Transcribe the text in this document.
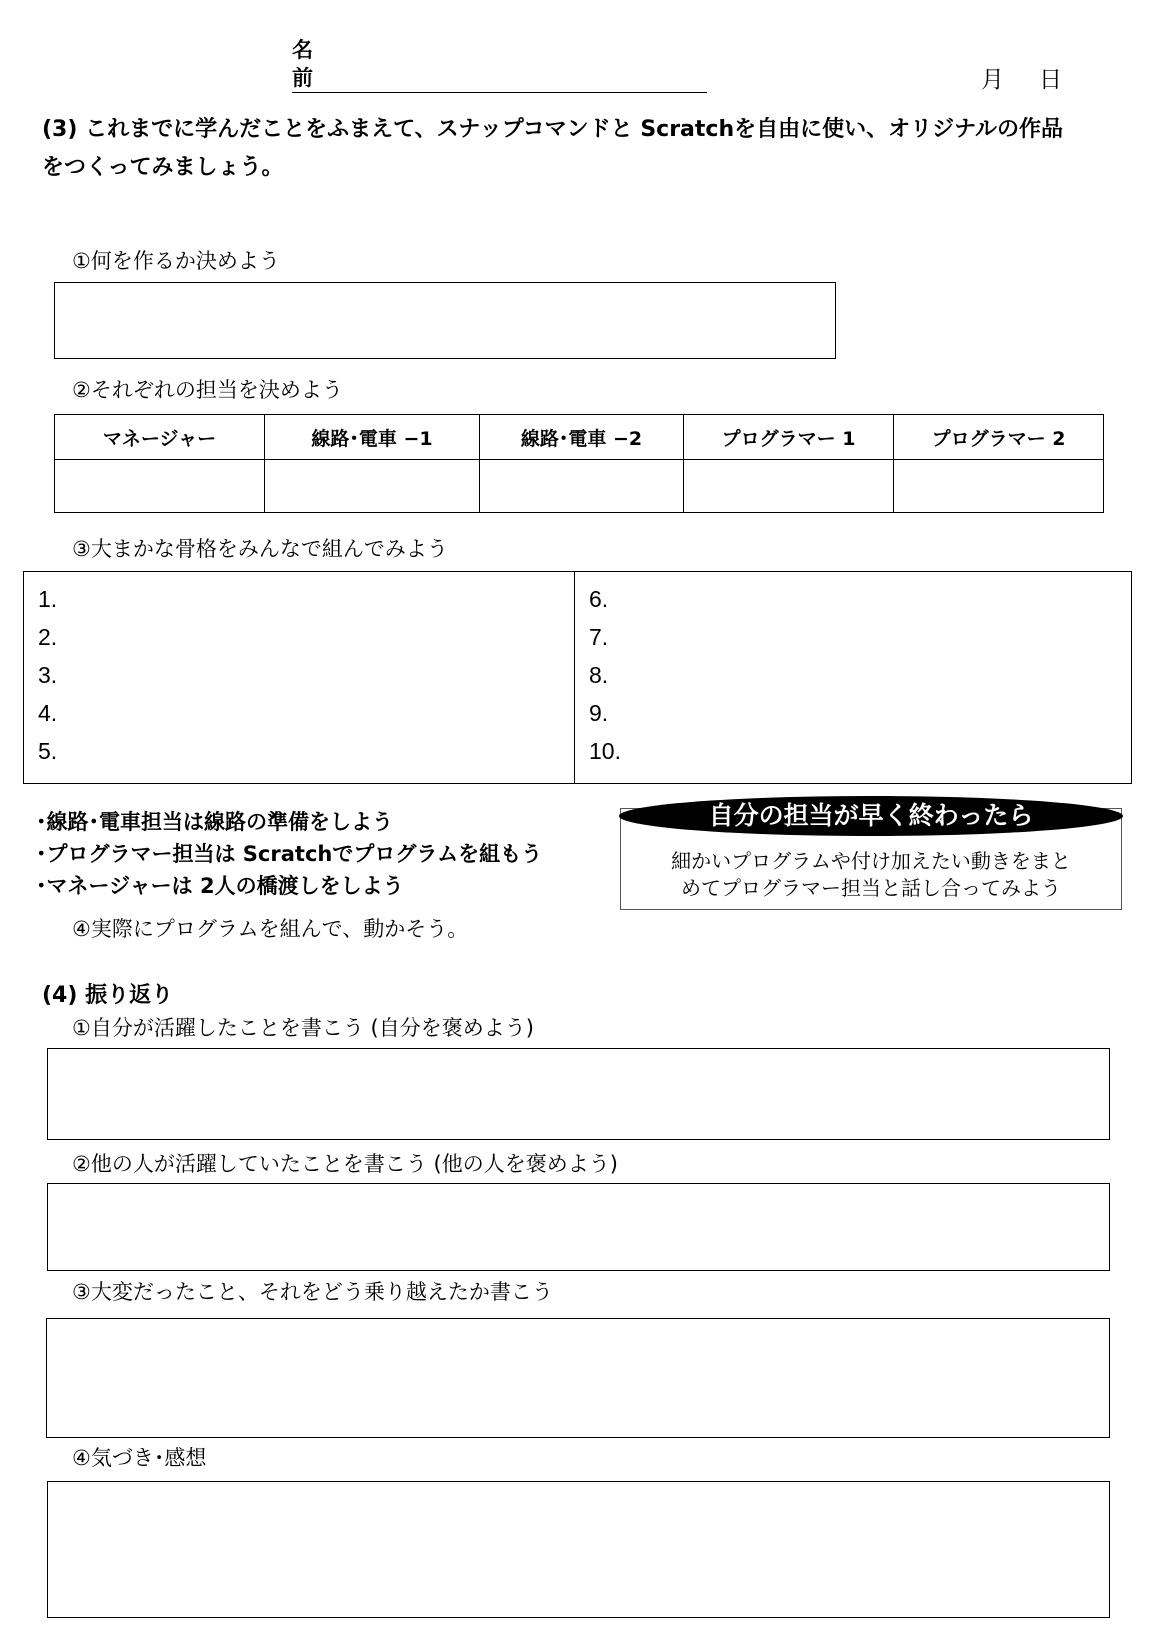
名
前	月 日
(3) これまでに学んだことをふまえて、スナップコマンドと Scratchを自由に使い、オリジナルの作品
をつくってみましょう。
①何を作るか決めよう
②それぞれの担当を決めよう
マネージャー	線路･電車 −1	線路･電車 −2	プログラマー 1	プログラマー 2

③大まかな骨格をみんなで組んでみよう
1.
2.
3.
4.
5.
6.
7.
8.
9.
10.
･線路･電車担当は線路の準備をしよう
･プログラマー担当は Scratchでプログラムを組もう
･マネージャーは 2人の橋渡しをしよう
自分の担当が早く終わったら
細かいプログラムや付け加えたい動きをまと
めてプログラマー担当と話し合ってみよう
④実際にプログラムを組んで、動かそう。
(4) 振り返り
①自分が活躍したことを書こう (自分を褒めよう)
②他の人が活躍していたことを書こう (他の人を褒めよう)
③大変だったこと、それをどう乗り越えたか書こう
④気づき･感想
